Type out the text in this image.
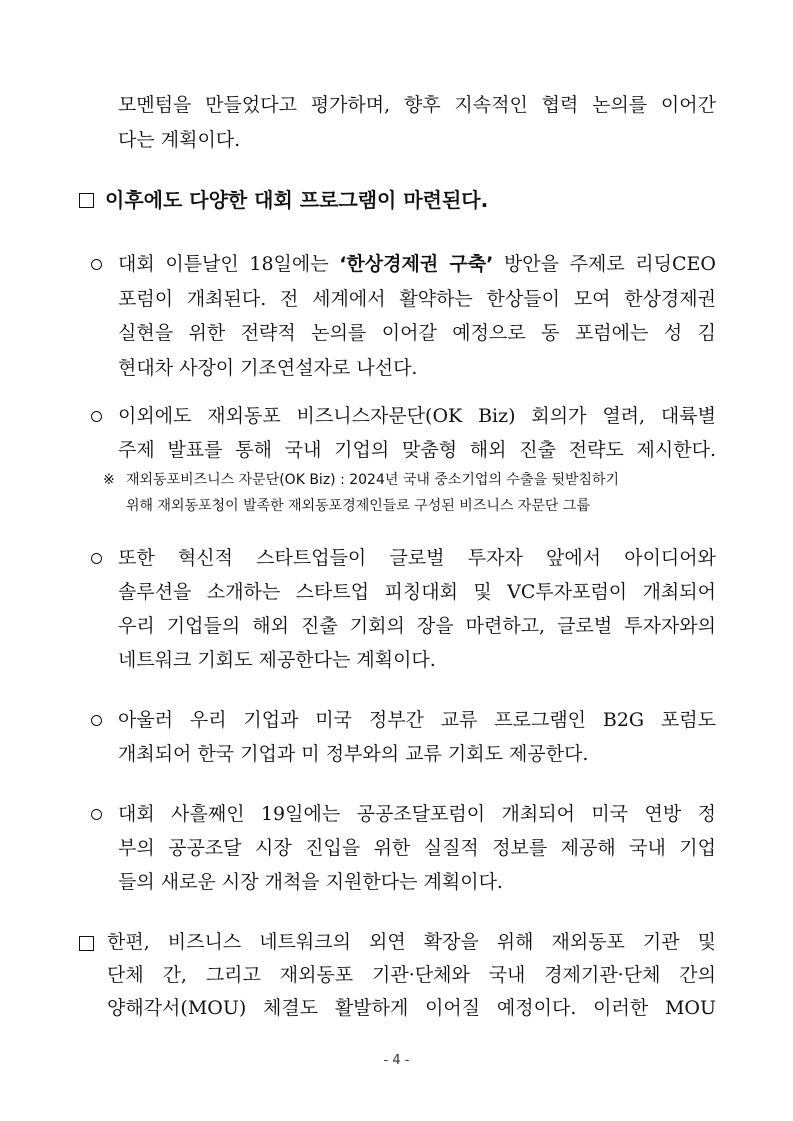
모멘텀을 만들었다고 평가하며, 향후 지속적인 협력 논의를 이어간
다는 계획이다.
이후에도 다양한 대회 프로그램이 마련된다.
대회 이튿날인 18일에는 ‘한상경제권 구축’ 방안을 주제로 리딩CEO
포럼이 개최된다. 전 세계에서 활약하는 한상들이 모여 한상경제권
실현을 위한 전략적 논의를 이어갈 예정으로 동 포럼에는 성 김
현대차 사장이 기조연설자로 나선다.
이외에도 재외동포 비즈니스자문단(OK Biz) 회의가 열려, 대륙별
주제 발표를 통해 국내 기업의 맞춤형 해외 진출 전략도 제시한다.
※ 재외동포비즈니스 자문단(OK Biz) : 2024년 국내 중소기업의 수출을 뒷받침하기
위해 재외동포청이 발족한 재외동포경제인들로 구성된 비즈니스 자문단 그룹
또한 혁신적 스타트업들이 글로벌 투자자 앞에서 아이디어와
솔루션을 소개하는 스타트업 피칭대회 및 VC투자포럼이 개최되어
우리 기업들의 해외 진출 기회의 장을 마련하고, 글로벌 투자자와의
네트워크 기회도 제공한다는 계획이다.
아울러 우리 기업과 미국 정부간 교류 프로그램인 B2G 포럼도
개최되어 한국 기업과 미 정부와의 교류 기회도 제공한다.
대회 사흘째인 19일에는 공공조달포럼이 개최되어 미국 연방 정
부의 공공조달 시장 진입을 위한 실질적 정보를 제공해 국내 기업
들의 새로운 시장 개척을 지원한다는 계획이다.
한편, 비즈니스 네트워크의 외연 확장을 위해 재외동포 기관 및
단체 간, 그리고 재외동포 기관·단체와 국내 경제기관·단체 간의
양해각서(MOU) 체결도 활발하게 이어질 예정이다. 이러한 MOU
- 4 -
